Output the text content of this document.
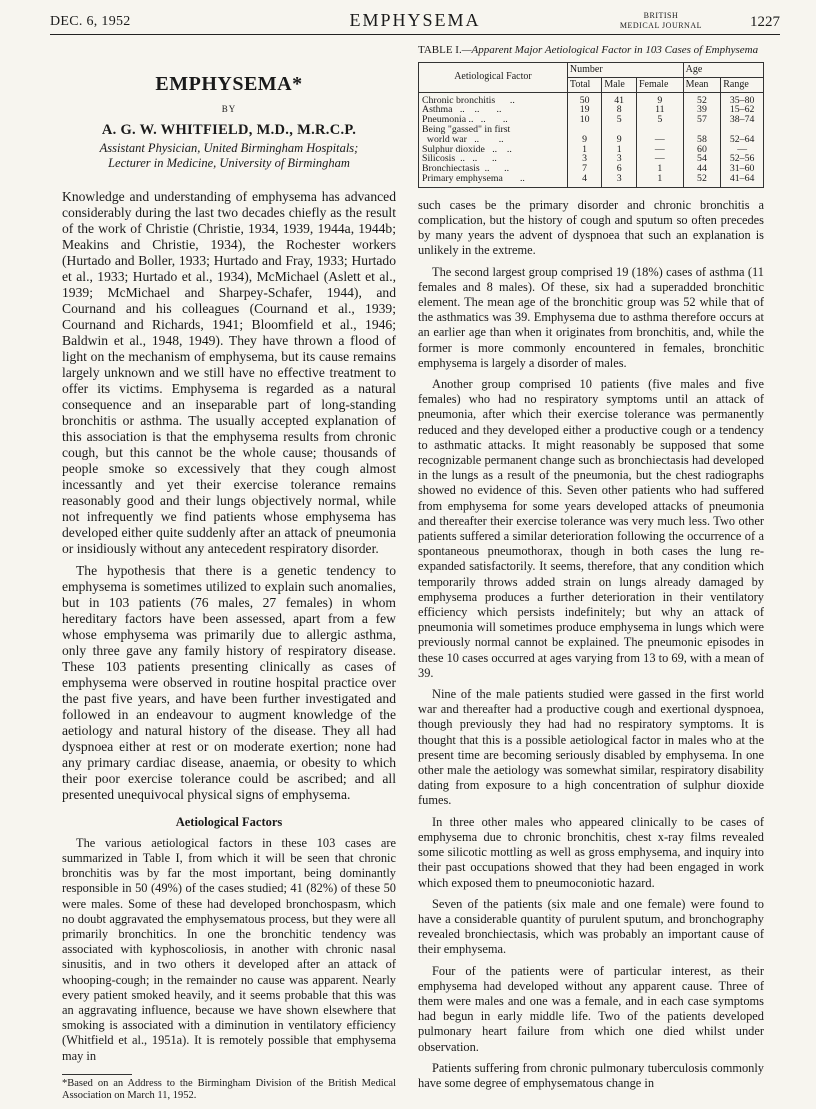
DEC. 6, 1952	EMPHYSEMA	BRITISH
MEDICAL JOURNAL	1227
EMPHYSEMA*
BY
A. G. W. WHITFIELD, M.D., M.R.C.P.
Assistant Physician, United Birmingham Hospitals;
Lecturer in Medicine, University of Birmingham

Knowledge and understanding of emphysema has advanced considerably during the last two decades chiefly as the result of the work of Christie (Christie, 1934, 1939, 1944a, 1944b; Meakins and Christie, 1934), the Rochester workers (Hurtado and Boller, 1933; Hurtado and Fray, 1933; Hurtado et al., 1933; Hurtado et al., 1934), McMichael (Aslett et al., 1939; McMichael and Sharpey-Schafer, 1944), and Cournand and his colleagues (Cournand et al., 1939; Cournand and Richards, 1941; Bloomfield et al., 1946; Baldwin et al., 1948, 1949). They have thrown a flood of light on the mechanism of emphysema, but its cause remains largely unknown and we still have no effective treatment to offer its victims. Emphysema is regarded as a natural consequence and an inseparable part of long-standing bronchitis or asthma. The usually accepted explanation of this association is that the emphysema results from chronic cough, but this cannot be the whole cause; thousands of people smoke so excessively that they cough almost incessantly and yet their exercise tolerance remains reasonably good and their lungs objectively normal, while not infrequently we find patients whose emphysema has developed either quite suddenly after an attack of pneumonia or insidiously without any antecedent respiratory disorder.

The hypothesis that there is a genetic tendency to emphysema is sometimes utilized to explain such anomalies, but in 103 patients (76 males, 27 females) in whom hereditary factors have been assessed, apart from a few whose emphysema was primarily due to allergic asthma, only three gave any family history of respiratory disease. These 103 patients presenting clinically as cases of emphysema were observed in routine hospital practice over the past five years, and have been further investigated and followed in an endeavour to augment knowledge of the aetiology and natural history of the disease. They all had dyspnoea either at rest or on moderate exertion; none had any primary cardiac disease, anaemia, or obesity to which their poor exercise tolerance could be ascribed; and all presented unequivocal physical signs of emphysema.

Aetiological Factors

The various aetiological factors in these 103 cases are summarized in Table I, from which it will be seen that chronic bronchitis was by far the most important, being dominantly responsible in 50 (49%) of the cases studied; 41 (82%) of these 50 were males. Some of these had developed bronchospasm, which no doubt aggravated the emphysematous process, but they were all primarily bronchitics. In one the bronchitic tendency was associated with kyphoscoliosis, in another with chronic nasal sinusitis, and in two others it developed after an attack of whooping-cough; in the remainder no cause was apparent. Nearly every patient smoked heavily, and it seems probable that this was an aggravating influence, because we have shown elsewhere that smoking is associated with a diminution in ventilatory efficiency (Whitfield et al., 1951a). It is remotely possible that emphysema may in

*Based on an Address to the Birmingham Division of the British Medical Association on March 11, 1952.

TABLE I.—Apparent Major Aetiological Factor in 103 Cases of Emphysema

Aetiological Factor	Number			Age	
	Total	Male	Female	Mean	Range
Chronic bronchitis      ..	50	41	9	52	35–80
Asthma   ..    ..       ..	19	8	11	39	15–62
Pneumonia ..   ..       ..	10	5	5	57	38–74
Being "gassed" in first					
world war   ..        ..	9	9	—	58	52–64
Sulphur dioxide   ..    ..	1	1	—	60	—
Silicosis  ..   ..      ..	3	3	—	54	52–56
Bronchiectasis  ..      ..	7	6	1	44	31–60
Primary emphysema       ..	4	3	1	52	41–64

such cases be the primary disorder and chronic bronchitis a complication, but the history of cough and sputum so often precedes by many years the advent of dyspnoea that such an explanation is unlikely in the extreme.

The second largest group comprised 19 (18%) cases of asthma (11 females and 8 males). Of these, six had a superadded bronchitic element. The mean age of the bronchitic group was 52 while that of the asthmatics was 39. Emphysema due to asthma therefore occurs at an earlier age than when it originates from bronchitis, and, while the former is more commonly encountered in females, bronchitic emphysema is largely a disorder of males.

Another group comprised 10 patients (five males and five females) who had no respiratory symptoms until an attack of pneumonia, after which their exercise tolerance was permanently reduced and they developed either a productive cough or a tendency to asthmatic attacks. It might reasonably be supposed that some recognizable permanent change such as bronchiectasis had developed in the lungs as a result of the pneumonia, but the chest radiographs showed no evidence of this. Seven other patients who had suffered from emphysema for some years developed attacks of pneumonia and thereafter their exercise tolerance was very much less. Two other patients suffered a similar deterioration following the occurrence of a spontaneous pneumothorax, though in both cases the lung re-expanded satisfactorily. It seems, therefore, that any condition which temporarily throws added strain on lungs already damaged by emphysema produces a further deterioration in their ventilatory efficiency which persists indefinitely; but why an attack of pneumonia will sometimes produce emphysema in lungs which were previously normal cannot be explained. The pneumonic episodes in these 10 cases occurred at ages varying from 13 to 69, with a mean of 39.

Nine of the male patients studied were gassed in the first world war and thereafter had a productive cough and exertional dyspnoea, though previously they had had no respiratory symptoms. It is thought that this is a possible aetiological factor in males who at the present time are becoming seriously disabled by emphysema. In one other male the aetiology was somewhat similar, respiratory disability dating from exposure to a high concentration of sulphur dioxide fumes.

In three other males who appeared clinically to be cases of emphysema due to chronic bronchitis, chest x-ray films revealed some silicotic mottling as well as gross emphysema, and inquiry into their past occupations showed that they had been engaged in work which exposed them to pneumoconiotic hazard.

Seven of the patients (six male and one female) were found to have a considerable quantity of purulent sputum, and bronchography revealed bronchiectasis, which was probably an important cause of their emphysema.

Four of the patients were of particular interest, as their emphysema had developed without any apparent cause. Three of them were males and one was a female, and in each case symptoms had begun in early middle life. Two of the patients developed pulmonary heart failure from which one died whilst under observation.

Patients suffering from chronic pulmonary tuberculosis commonly have some degree of emphysematous change in
